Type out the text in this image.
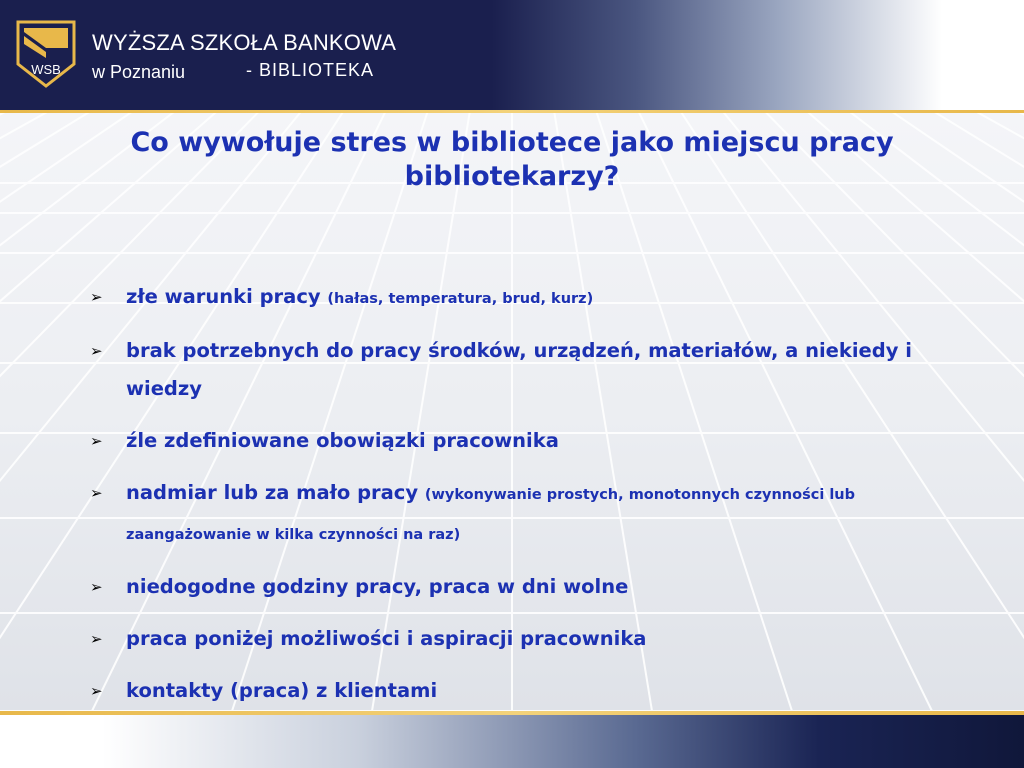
WSB
WYŻSZA SZKOŁA BANKOWA
w Poznaniu	- BIBLIOTEKA
Co wywołuje stres w bibliotece jako miejscu pracy bibliotekarzy?
➢ złe warunki pracy (hałas, temperatura, brud, kurz)
➢ brak potrzebnych do pracy środków, urządzeń, materiałów, a niekiedy i wiedzy
➢ źle zdefiniowane obowiązki pracownika
➢ nadmiar lub za mało pracy (wykonywanie prostych, monotonnych czynności lub zaangażowanie w kilka czynności na raz)
➢ niedogodne godziny pracy, praca w dni wolne
➢ praca poniżej możliwości i aspiracji pracownika
➢ kontakty (praca) z klientami
